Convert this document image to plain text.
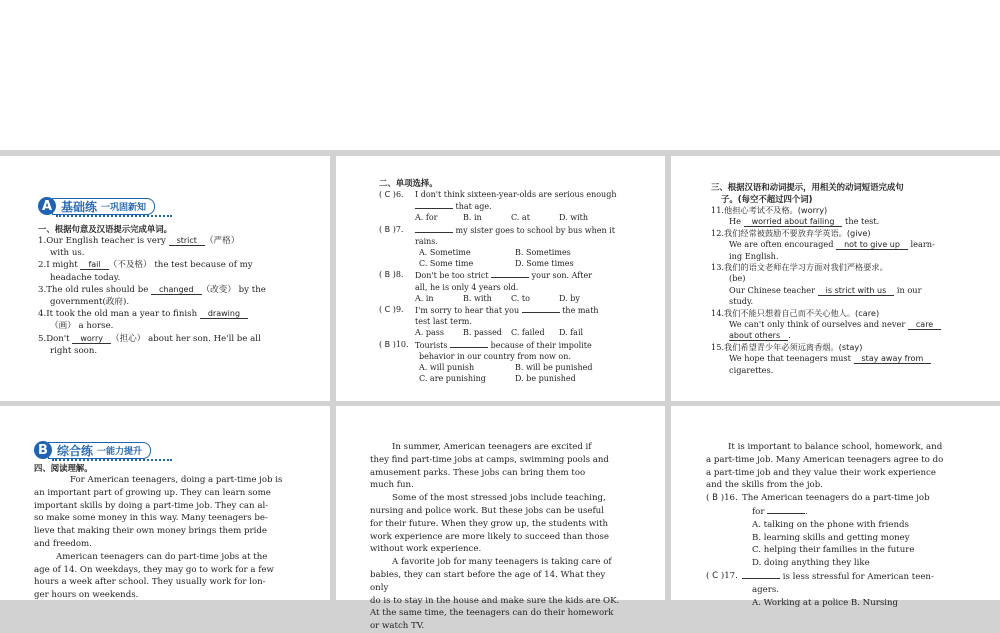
A 基础练 一巩固新知
一、根据句意及汉语提示完成单词。
1.Our English teacher is very strict （严格）
with us.
2.I might fail （不及格） the test because of my
headache today.
3.The old rules should be changed （改变） by the
government(政府).
4.It took the old man a year to finish drawing
（画） a horse.
5.Don't worry （担心） about her son. He'll be all
right soon.
二、单项选择。
( C )6.	I don't think sixteen-year-olds are serious enough
that age.
A. for	B. in	C. at	D. with
( B )7.	my sister goes to school by bus when it
rains.
A. Sometime	B. Sometimes
C. Some time	D. Some times
( B )8.	Don't be too strict	your son. After
all, he is only 4 years old.
A. in	B. with	C. to	D. by
( C )9.	I'm sorry to hear that you	the math
test last term.
A. pass	B. passed	C. failed	D. fail
( B )10. Tourists	because of their impolite
behavior in our country from now on.
A. will punish	B. will be punished
C. are punishing	D. be punished
三、根据汉语和动词提示，用相关的动词短语完成句
子。(每空不超过四个词)
11.他担心考试不及格。(worry)
He worried about failing the test.
12.我们经常被鼓励不要放弃学英语。(give)
We are often encouraged not to give up learn-
ing English.
13.我们的语文老师在学习方面对我们严格要求。
(be)
Our Chinese teacher is strict with us in our
study.
14.我们不能只想着自己而不关心他人。(care)
We can't only think of ourselves and never care
about others .
15.我们希望青少年必须远离香烟。(stay)
We hope that teenagers must stay away from
cigarettes.
B 综合练 一能力提升
四、阅读理解。
For American teenagers, doing a part-time job is
an important part of growing up. They can learn some
important skills by doing a part-time job. They can al-
so make some money in this way. Many teenagers be-
lieve that making their own money brings them pride
and freedom.
American teenagers can do part-time jobs at the
age of 14. On weekdays, they may go to work for a few
hours a week after school. They usually work for lon-
ger hours on weekends.
In summer, American teenagers are excited if
they find part-time jobs at camps, swimming pools and
amusement parks. These jobs can bring them too
much fun.
Some of the most stressed jobs include teaching,
nursing and police work. But these jobs can be useful
for their future. When they grow up, the students with
work experience are more likely to succeed than those
without work experience.
A favorite job for many teenagers is taking care of
babies, they can start before the age of 14. What they only
do is to stay in the house and make sure the kids are OK.
At the same time, the teenagers can do their homework or watch TV.
It is important to balance school, homework, and
a part-time job. Many American teenagers agree to do
a part-time job and they value their work experience
and the skills from the job.
( B )16. The American teenagers do a part-time job
for	.
A. talking on the phone with friends
B. learning skills and getting money
C. helping their families in the future
D. doing anything they like
( C )17.	is less stressful for American teen-
agers.
A. Working at a police B. Nursing
